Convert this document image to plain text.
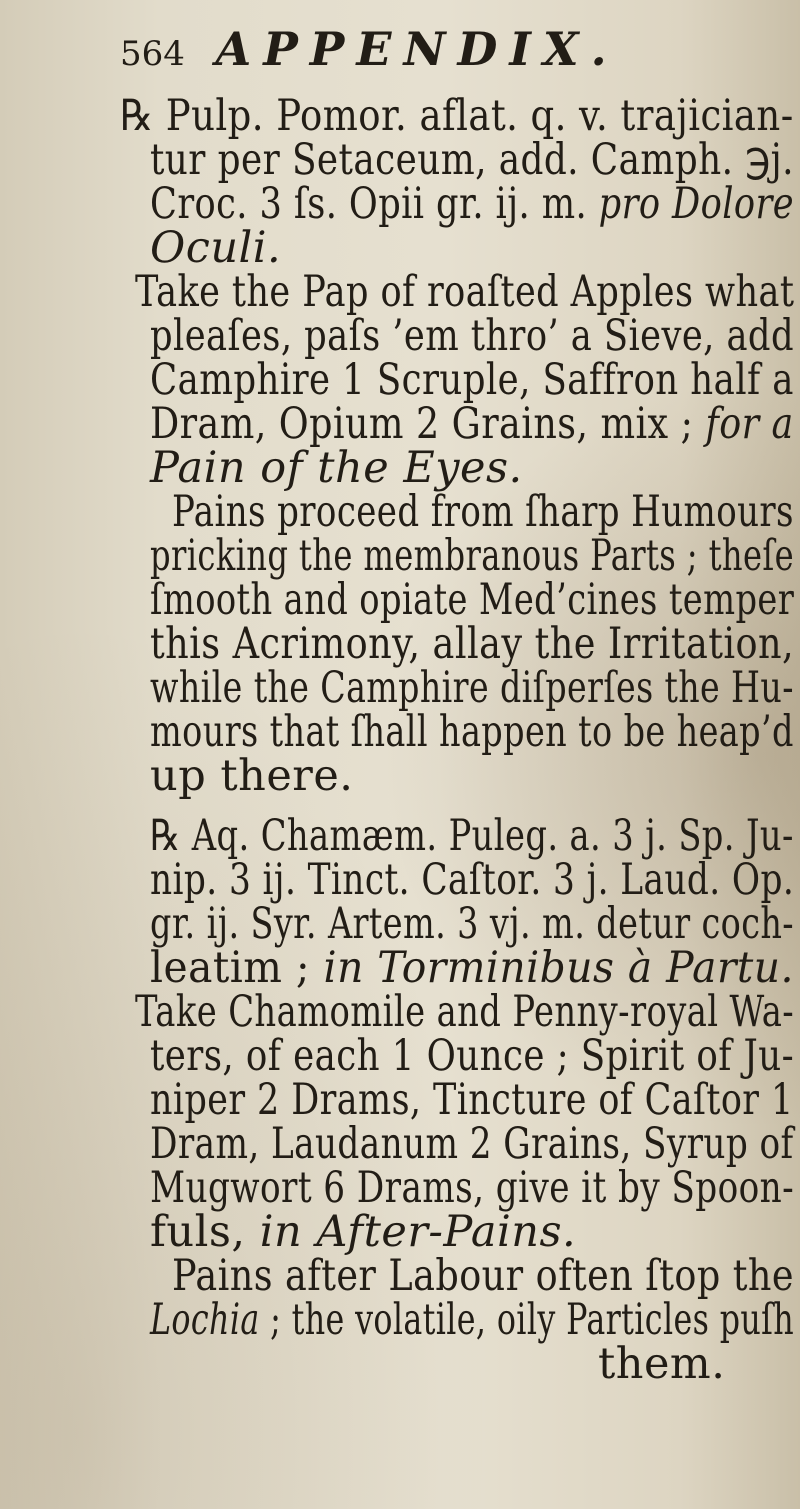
564 APPENDIX.
℞ Pulp. Pomor. aflat. q. v. trajician-
tur per Setaceum, add. Camph. ℈j.
Croc. 3 ſs. Opii gr. ij. m. pro Dolore
Oculi.
Take the Pap of roaſted Apples what
pleaſes, paſs ’em thro’ a Sieve, add
Camphire 1 Scruple, Saffron half a
Dram, Opium 2 Grains, mix ; for a
Pain of the Eyes.
Pains proceed from ſharp Humours
pricking the membranous Parts ; theſe
ſmooth and opiate Med’cines temper
this Acrimony, allay the Irritation,
while the Camphire diſperſes the Hu-
mours that ſhall happen to be heap’d
up there.
℞ Aq. Chamæm. Puleg. a. 3 j. Sp. Ju-
nip. 3 ij. Tinct. Caſtor. 3 j. Laud. Op.
gr. ij. Syr. Artem. 3 vj. m. detur coch-
leatim ; in Torminibus à Partu.
Take Chamomile and Penny-royal Wa-
ters, of each 1 Ounce ; Spirit of Ju-
niper 2 Drams, Tincture of Caſtor 1
Dram, Laudanum 2 Grains, Syrup of
Mugwort 6 Drams, give it by Spoon-
fuls, in After-Pains.
Pains after Labour often ſtop the
Lochia ; the volatile, oily Particles puſh
them.
